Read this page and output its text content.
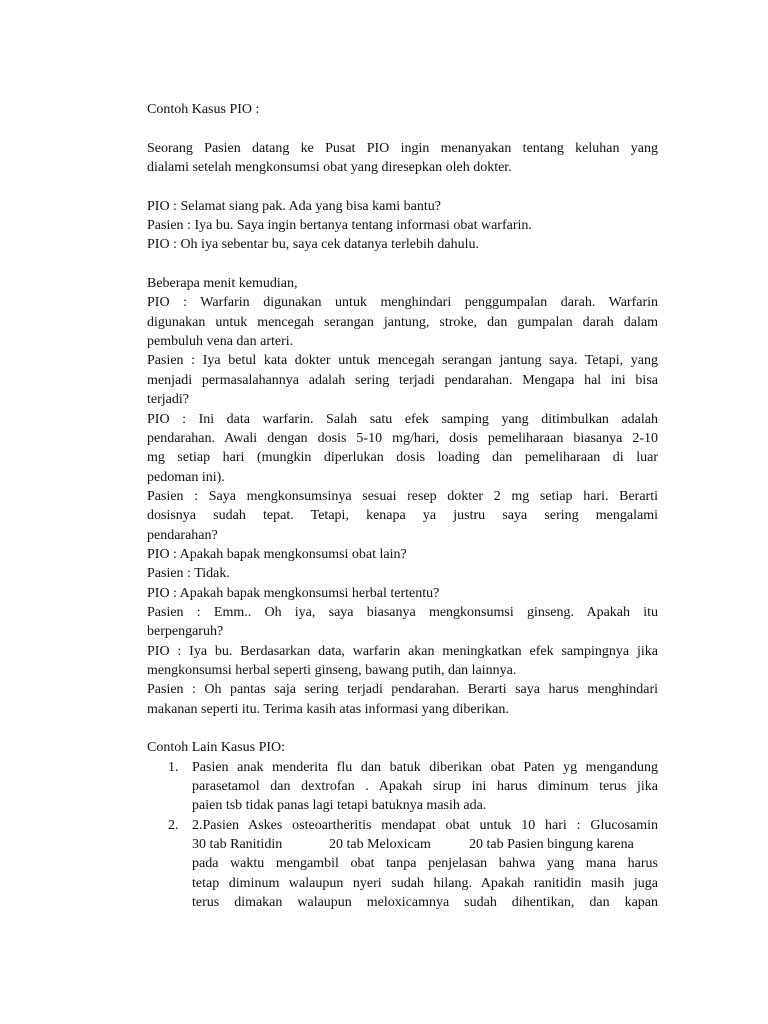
Contoh Kasus PIO :
Seorang Pasien datang ke Pusat PIO ingin menanyakan tentang keluhan yang
dialami setelah mengkonsumsi obat yang diresepkan oleh dokter.
PIO : Selamat siang pak. Ada yang bisa kami bantu?
Pasien : Iya bu. Saya ingin bertanya tentang informasi obat warfarin.
PIO : Oh iya sebentar bu, saya cek datanya terlebih dahulu.
Beberapa menit kemudian,
PIO : Warfarin digunakan untuk menghindari penggumpalan darah. Warfarin
digunakan untuk mencegah serangan jantung, stroke, dan gumpalan darah dalam
pembuluh vena dan arteri.
Pasien : Iya betul kata dokter untuk mencegah serangan jantung saya. Tetapi, yang
menjadi permasalahannya adalah sering terjadi pendarahan. Mengapa hal ini bisa
terjadi?
PIO : Ini data warfarin. Salah satu efek samping yang ditimbulkan adalah
pendarahan. Awali dengan dosis 5-10 mg/hari, dosis pemeliharaan biasanya 2-10
mg setiap hari (mungkin diperlukan dosis loading dan pemeliharaan di luar
pedoman ini).
Pasien : Saya mengkonsumsinya sesuai resep dokter 2 mg setiap hari. Berarti
dosisnya sudah tepat. Tetapi, kenapa ya justru saya sering mengalami
pendarahan?
PIO : Apakah bapak mengkonsumsi obat lain?
Pasien : Tidak.
PIO : Apakah bapak mengkonsumsi herbal tertentu?
Pasien : Emm.. Oh iya, saya biasanya mengkonsumsi ginseng. Apakah itu
berpengaruh?
PIO : Iya bu. Berdasarkan data, warfarin akan meningkatkan efek sampingnya jika
mengkonsumsi herbal seperti ginseng, bawang putih, dan lainnya.
Pasien : Oh pantas saja sering terjadi pendarahan. Berarti saya harus menghindari
makanan seperti itu. Terima kasih atas informasi yang diberikan.
Contoh Lain Kasus PIO:
1. Pasien anak menderita flu dan batuk diberikan obat Paten yg mengandung
parasetamol dan dextrofan . Apakah sirup ini harus diminum terus jika
paien tsb tidak panas lagi tetapi batuknya masih ada.
2. 2.Pasien Askes osteoartheritis mendapat obat untuk 10 hari : Glucosamin
30 tab Ranitidin	20 tab Meloxicam	20 tab Pasien bingung karena
pada waktu mengambil obat tanpa penjelasan bahwa yang mana harus
tetap diminum walaupun nyeri sudah hilang. Apakah ranitidin masih juga
terus dimakan walaupun meloxicamnya sudah dihentikan, dan kapan
